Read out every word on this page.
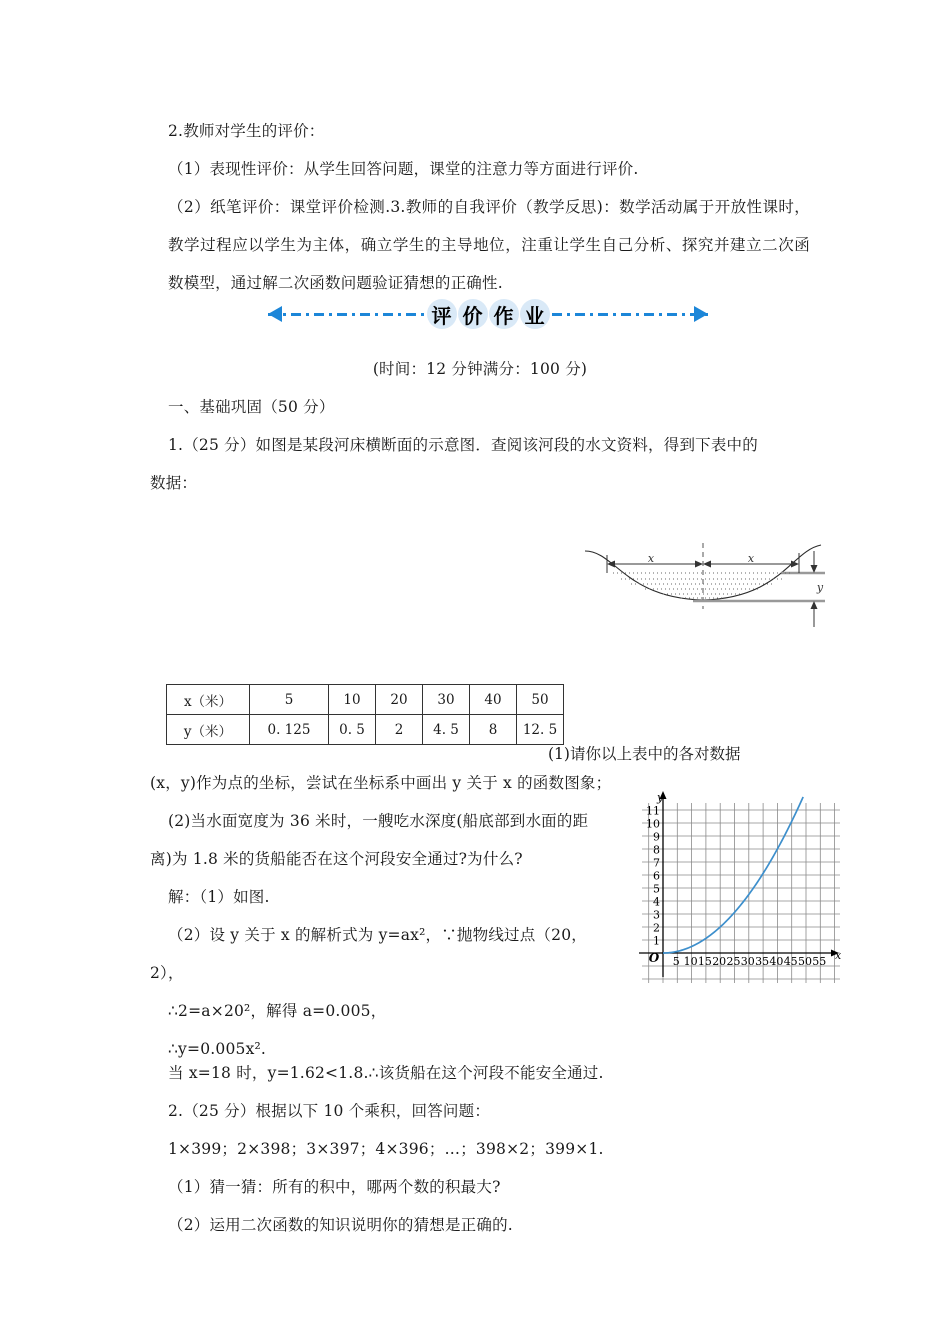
2.教师对学生的评价：

（1）表现性评价：从学生回答问题，课堂的注意力等方面进行评价.

（2）纸笔评价：课堂评价检测.3.教师的自我评价（教学反思)：数学活动属于开放性课时，教学过程应以学生为主体，确立学生的主导地位，注重让学生自己分析、探究并建立二次函数模型，通过解二次函数问题验证猜想的正确性.

评 价 作 业

(时间：12 分钟满分：100 分)

一、基础巩固（50 分）

1.（25 分）如图是某段河床横断面的示意图．查阅该河段的水文资料，得到下表中的

数据：

x	x
y
x（米）	5	10	20	30	40	50
y（米）	0. 125	0. 5	2	4. 5	8	12. 5
(1)请你以上表中的各对数据

(x，y)作为点的坐标，尝试在坐标系中画出 y 关于 x 的函数图象；

(2)当水面宽度为 36 米时，一艘吃水深度(船底部到水面的距

离)为 1.8 米的货船能否在这个河段安全通过?为什么?

解：（1）如图.

（2）设 y 关于 x 的解析式为 y=ax²，∵抛物线过点（20，

2），

∴2=a×20²，解得 a=0.005，

∴y=0.005x².

当 x=18 时，y=1.62<1.8.∴该货船在这个河段不能安全通过.

2.（25 分）根据以下 10 个乘积，回答问题：

1×399；2×398；3×397；4×396；…；398×2；399×1.

（1）猜一猜：所有的积中，哪两个数的积最大?

（2）运用二次函数的知识说明你的猜想是正确的.

1
2
3
4
5
6
7
8
9
10
11
5 10 15 20 25 30 35 40 45 50 55
O
y
x
